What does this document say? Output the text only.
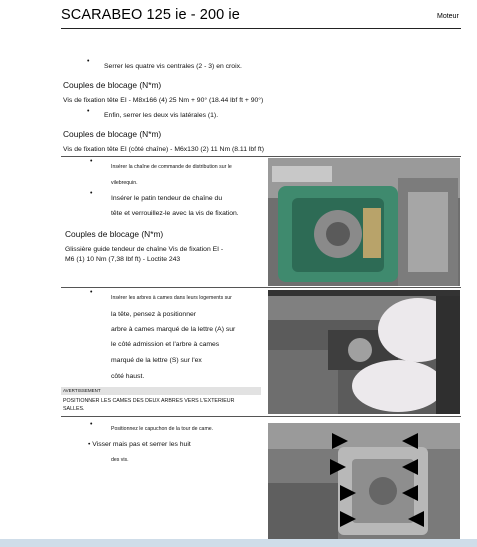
SCARABEO 125 ie - 200 ie	Moteur
•
Serrer les quatre vis centrales (2 - 3) en croix.
Couples de blocage (N*m)
Vis de fixation tête EI - M8x166 (4) 25 Nm + 90° (18.44 lbf ft + 90°)
•
Enfin, serrer les deux vis latérales (1).
Couples de blocage (N*m)
Vis de fixation tête EI (côté chaîne) - M6x130 (2) 11 Nm (8.11 lbf ft)
•
Insérer la chaîne de commande de distribution sur le
vilebrequin.
•
Insérer le patin tendeur de chaîne du
tête et verrouillez-le avec la vis de fixation.
Couples de blocage (N*m)
Glissière guide tendeur de chaîne Vis de fixation EI -
M6 (1) 10 Nm (7,38 lbf ft) - Loctite 243
•
Insérer les arbres à cames dans leurs logements sur
la tête, pensez à positionner
arbre à cames marqué de la lettre (A) sur
le côté admission et l'arbre à cames
marqué de la lettre (S) sur l'ex
côté haust.
AVERTISSEMENT
POSITIONNER LES CAMES DES DEUX ARBRES VERS L'EXTERIEUR
SALLES.
•
Positionnez le capuchon de la tour de came.
• Visser mais pas et serrer les huit
des vis.
